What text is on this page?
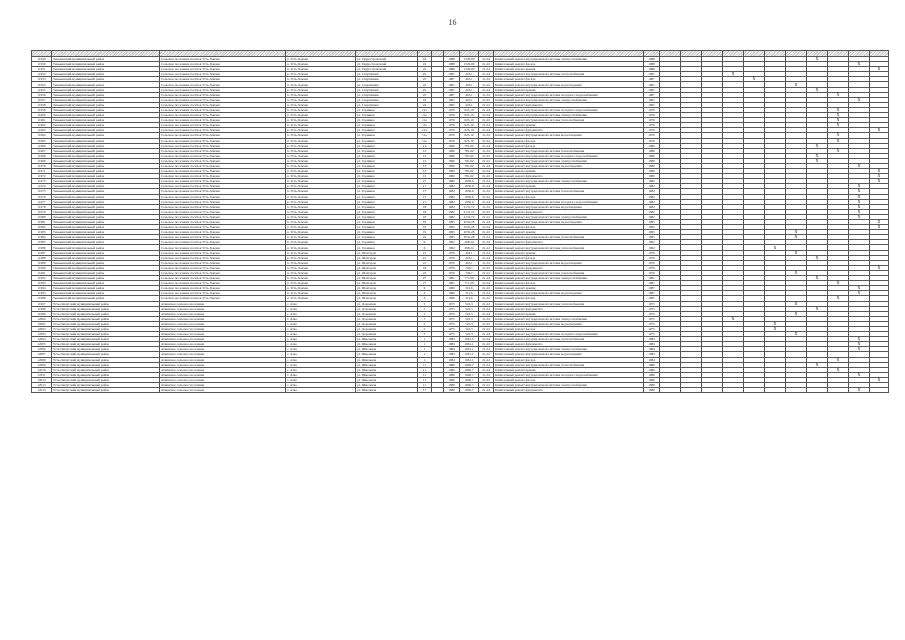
16

11949	Тенькинский муниципальный район	Сельское поселение посёлок Усть-Хакчан	п. Усть-Хакчан	ул. Гидростроителей	24		1988	1320,00	21,24	Капитальный ремонт внутридомовой системы электроснабжения	1988								X			
11950	Тенькинский муниципальный район	Сельское поселение посёлок Усть-Хакчан	п. Усть-Хакчан	ул. Гидростроителей	24		1988	1320,00	21,24	Капитальный ремонт фасада	1988										X	
11951	Тенькинский муниципальный район	Сельское поселение посёлок Усть-Хакчан	п. Усть-Хакчан	ул. Гидростроителей	24		1988	1320,00	21,24	Капитальный ремонт крыши	1988											X
11952	Тенькинский муниципальный район	Сельское поселение посёлок Усть-Хакчан	п. Усть-Хакчан	ул. Спортивная	22		1967	443,1	21,24	Капитальный ремонт внутридомовой системы теплоснабжения	1967				X							
11953	Тенькинский муниципальный район	Сельское поселение посёлок Усть-Хакчан	п. Усть-Хакчан	ул. Спортивная	22		1967	443,1	21,24	Капитальный ремонт фасада	1967					X						
11954	Тенькинский муниципальный район	Сельское поселение посёлок Усть-Хакчан	п. Усть-Хакчан	ул. Спортивная	22		1967	443,1	21,24	Капитальный ремонт внутридомовой системы водоотведения	1967							X				
11955	Тенькинский муниципальный район	Сельское поселение посёлок Усть-Хакчан	п. Усть-Хакчан	ул. Спортивная	22		1967	443,1	21,24	Капитальный ремонт крыши	1967								X			
11956	Тенькинский муниципальный район	Сельское поселение посёлок Усть-Хакчан	п. Усть-Хакчан	ул. Спортивная	22		1967	443,1	21,24	Капитальный ремонт внутридомовой системы холодного водоснабжения	1967									X		
11957	Тенькинский муниципальный район	Сельское поселение посёлок Усть-Хакчан	п. Усть-Хакчан	ул. Спортивная	22		1967	443,1	21,24	Капитальный ремонт внутридомовой системы электроснабжения	1967										X	
11958	Тенькинский муниципальный район	Сельское поселение посёлок Усть-Хакчан	п. Усть-Хакчан	ул. Спортивная	22		1967	443,1	21,24	Капитальный ремонт фундамента	1967											
11959	Тенькинский муниципальный район	Сельское поселение посёлок Усть-Хакчан	п. Усть-Хакчан	ул. Горняков	11а		1970	625,10	21,24	Капитальный ремонт внутридомовой системы холодного водоснабжения	1970									X		
11960	Тенькинский муниципальный район	Сельское поселение посёлок Усть-Хакчан	п. Усть-Хакчан	ул. Горняков	11а		1970	625,10	21,24	Капитальный ремонт внутридомовой системы электроснабжения	1970									X		
11961	Тенькинский муниципальный район	Сельское поселение посёлок Усть-Хакчан	п. Усть-Хакчан	ул. Горняков	11а		1970	625,10	21,24	Капитальный ремонт внутридомовой системы теплоснабжения	1970									X		
11962	Тенькинский муниципальный район	Сельское поселение посёлок Усть-Хакчан	п. Усть-Хакчан	ул. Горняков	11а		1970	625,10	21,24	Капитальный ремонт крыши	1970									X		
11963	Тенькинский муниципальный район	Сельское поселение посёлок Усть-Хакчан	п. Усть-Хакчан	ул. Горняков	11а		1970	625,10	21,24	Капитальный ремонт фундамента	1970											X
11964	Тенькинский муниципальный район	Сельское поселение посёлок Усть-Хакчан	п. Усть-Хакчан	ул. Горняков	11а		1970	625,10	21,24	Капитальный ремонт внутридомовой системы водоотведения	1970									X		
11965	Тенькинский муниципальный район	Сельское поселение посёлок Усть-Хакчан	п. Усть-Хакчан	ул. Горняков	11а		1970	625,10	21,24	Капитальный ремонт фасада	1970									X		
11966	Тенькинский муниципальный район	Сельское поселение посёлок Усть-Хакчан	п. Усть-Хакчан	ул. Горняков	13		1960	781,62	21,24	Капитальный ремонт фасада	1980								X			
11967	Тенькинский муниципальный район	Сельское поселение посёлок Усть-Хакчан	п. Усть-Хакчан	ул. Горняков	13		1960	781,62	21,24	Капитальный ремонт внутридомовой системы теплоснабжения	1980									X		
11968	Тенькинский муниципальный район	Сельское поселение посёлок Усть-Хакчан	п. Усть-Хакчан	ул. Горняков	13		1960	781,62	21,24	Капитальный ремонт внутридомовой системы холодного водоснабжения	1980								X			
11969	Тенькинский муниципальный район	Сельское поселение посёлок Усть-Хакчан	п. Усть-Хакчан	ул. Горняков	13		1960	781,62	21,24	Капитальный ремонт внутридомовой системы электроснабжения	1980								X			
11970	Тенькинский муниципальный район	Сельское поселение посёлок Усть-Хакчан	п. Усть-Хакчан	ул. Горняков	13		1960	781,62	21,24	Капитальный ремонт внутридомовой системы водоотведения	1980										X	
11971	Тенькинский муниципальный район	Сельское поселение посёлок Усть-Хакчан	п. Усть-Хакчан	ул. Горняков	13		1960	781,62	21,24	Капитальный ремонт крыши	1980											X
11972	Тенькинский муниципальный район	Сельское поселение посёлок Усть-Хакчан	п. Усть-Хакчан	ул. Горняков	13		1960	781,62	21,24	Капитальный ремонт фундамента	1980											X
11973	Тенькинский муниципальный район	Сельское поселение посёлок Усть-Хакчан	п. Усть-Хакчан	ул. Горняков	17		1982	1656,6	21,24	Капитальный ремонт внутридомовой системы электроснабжения	1982											X
11974	Тенькинский муниципальный район	Сельское поселение посёлок Усть-Хакчан	п. Усть-Хакчан	ул. Горняков	17		1982	1656,6	21,24	Капитальный ремонт крыши	1982										X	
11975	Тенькинский муниципальный район	Сельское поселение посёлок Усть-Хакчан	п. Усть-Хакчан	ул. Горняков	17		1982	1656,6	21,24	Капитальный ремонт внутридомовой системы теплоснабжения	1982										X	
11976	Тенькинский муниципальный район	Сельское поселение посёлок Усть-Хакчан	п. Усть-Хакчан	ул. Горняков	17		1982	1656,6	21,24	Капитальный ремонт фасада	1982										X	
11977	Тенькинский муниципальный район	Сельское поселение посёлок Усть-Хакчан	п. Усть-Хакчан	ул. Горняков	17		1982	1656,6	21,24	Капитальный ремонт внутридомовой системы холодного водоснабжения	1982										X	
11978	Тенькинский муниципальный район	Сельское поселение посёлок Усть-Хакчан	п. Усть-Хакчан	ул. Горняков	18		1982	2131,72	21,24	Капитальный ремонт внутридомовой системы водоотведения	1982										X	
11979	Тенькинский муниципальный район	Сельское поселение посёлок Усть-Хакчан	п. Усть-Хакчан	ул. Горняков	18		1982	2131,72	21,24	Капитальный ремонт фундамента	1982										X	
11980	Тенькинский муниципальный район	Сельское поселение посёлок Усть-Хакчан	п. Усть-Хакчан	ул. Горняков	18		1982	2131,72	21,24	Капитальный ремонт внутридомовой системы электроснабжения	1982										X	
11981	Тенькинский муниципальный район	Сельское поселение посёлок Усть-Хакчан	п. Усть-Хакчан	ул. Горняков	19		1995	2032,28	21,24	Капитальный ремонт внутридомовой системы водоотведения	1995											X
11982	Тенькинский муниципальный район	Сельское поселение посёлок Усть-Хакчан	п. Усть-Хакчан	ул. Горняков	19		1995	2032,28	21,24	Капитальный ремонт фасада	1995											X
11983	Тенькинский муниципальный район	Сельское поселение посёлок Усть-Хакчан	п. Усть-Хакчан	ул. Горняков	19		1995	2032,28	21,24	Капитальный ремонт крыши	1995							X				
11984	Тенькинский муниципальный район	Сельское поселение посёлок Усть-Хакчан	п. Усть-Хакчан	ул. Горняков	19		1995	2032,28	21,24	Капитальный ремонт внутридомовой системы теплоснабжения	1995							X				
11985	Тенькинский муниципальный район	Сельское поселение посёлок Усть-Хакчан	п. Усть-Хакчан	ул. Горняков	6		1962	298,24	21,24	Капитальный ремонт фундамента	1962											
11986	Тенькинский муниципальный район	Сельское поселение посёлок Усть-Хакчан	п. Усть-Хакчан	ул. Горняков	6		1962	298,24	21,24	Капитальный ремонт внутридомовой системы теплоснабжения	1962						X					
11987	Тенькинский муниципальный район	Сельское поселение посёлок Усть-Хакчан	п. Усть-Хакчан	ул. Шахтеров	21		1970	443,1	21,24	Капитальный ремонт крыши	1970							X				
11988	Тенькинский муниципальный район	Сельское поселение посёлок Усть-Хакчан	п. Усть-Хакчан	ул. Шахтеров	21		1970	443,1	21,24	Капитальный ремонт фасада	1970								X			
11989	Тенькинский муниципальный район	Сельское поселение посёлок Усть-Хакчан	п. Усть-Хакчан	ул. Шахтеров	21		1970	443,1	21,24	Капитальный ремонт внутридомовой системы водоотведения	1970											
11990	Тенькинский муниципальный район	Сельское поселение посёлок Усть-Хакчан	п. Усть-Хакчан	ул. Шахтеров	23		1979	746,7	21,24	Капитальный ремонт фундамента	1979											X
11991	Тенькинский муниципальный район	Сельское поселение посёлок Усть-Хакчан	п. Усть-Хакчан	ул. Шахтеров	23		1979	746,7	21,24	Капитальный ремонт внутридомовой системы теплоснабжения	1979							X				
11992	Тенькинский муниципальный район	Сельское поселение посёлок Усть-Хакчан	п. Усть-Хакчан	ул. Шахтеров	27		1981	771,90	21,24	Капитальный ремонт внутридомовой системы электроснабжения	1981								X			
11993	Тенькинский муниципальный район	Сельское поселение посёлок Усть-Хакчан	п. Усть-Хакчан	ул. Шахтеров	27		1981	771,90	21,24	Капитальный ремонт фасада	1981									X		
11994	Тенькинский муниципальный район	Сельское поселение посёлок Усть-Хакчан	п. Усть-Хакчан	ул. Шахтеров	6		1960	312,6	21,24	Капитальный ремонт крыши	1987										X	
11995	Тенькинский муниципальный район	Сельское поселение посёлок Усть-Хакчан	п. Усть-Хакчан	ул. Шахтеров	6		1960	312,6	21,24	Капитальный ремонт внутридомовой системы водоотведения	1987										X	
11996	Тенькинский муниципальный район	Сельское поселение посёлок Усть-Хакчан	п. Усть-Хакчан	ул. Шахтеров	6		1960	312,6	21,24	Капитальный ремонт фасада	1987									X		
11997	Усть-Омчугский муниципальный район	Аткинское сельское поселение	с. Аткa	ул. Дорожная	5		1975	522,3	21,24	Капитальный ремонт внутридомовой системы теплоснабжения	1975							X				
11998	Усть-Омчугский муниципальный район	Аткинское сельское поселение	с. Аткa	ул. Дорожная	5		1975	522,3	21,24	Капитальный ремонт фундамента	1975								X			
11999	Усть-Омчугский муниципальный район	Аткинское сельское поселение	с. Аткa	ул. Дорожная	5		1975	522,3	21,24	Капитальный ремонт крыши	1975							X				
12000	Усть-Омчугский муниципальный район	Аткинское сельское поселение	с. Аткa	ул. Дорожная	5		1975	522,3	21,24	Капитальный ремонт внутридомовой системы электроснабжения	1975				X							
12001	Усть-Омчугский муниципальный район	Аткинское сельское поселение	с. Аткa	ул. Дорожная	5		1975	522,3	21,24	Капитальный ремонт внутридомовой системы водоотведения	1975						X					
12002	Усть-Омчугский муниципальный район	Аткинское сельское поселение	с. Аткa	ул. Дорожная	5		1975	522,3	21,24	Капитальный ремонт фасада	1975						X					
12003	Усть-Омчугский муниципальный район	Аткинское сельское поселение	с. Аткa	ул. Дорожная	5		1975	522,3	21,24	Капитальный ремонт внутридомовой системы холодного водоснабжения	1975							X				
12004	Усть-Омчугский муниципальный район	Аткинское сельское поселение	с. Аткa	ул. Школьная	1		1984	1661,1	21,24	Капитальный ремонт внутридомовой системы теплоснабжения	1984										X	
12005	Усть-Омчугский муниципальный район	Аткинское сельское поселение	с. Аткa	ул. Школьная	1		1984	1661,1	21,24	Капитальный ремонт фундамента	1984										X	
12006	Усть-Омчугский муниципальный район	Аткинское сельское поселение	с. Аткa	ул. Школьная	1		1984	1661,1	21,24	Капитальный ремонт внутридомовой системы электроснабжения	1984										X	
12007	Усть-Омчугский муниципальный район	Аткинское сельское поселение	с. Аткa	ул. Школьная	1		1984	1661,1	21,24	Капитальный ремонт внутридомовой системы водоотведения	1984											
12008	Усть-Омчугский муниципальный район	Аткинское сельское поселение	с. Аткa	ул. Школьная	1		1984	1661,1	21,24	Капитальный ремонт фасада	1984									X		
12009	Усть-Омчугский муниципальный район	Аткинское сельское поселение	с. Аткa	ул. Школьная	11		1980	1606,7	21,24	Капитальный ремонт внутридомовой системы теплоснабжения	1980								X			
12010	Усть-Омчугский муниципальный район	Аткинское сельское поселение	с. Аткa	ул. Школьная	11		1980	1606,7	21,24	Капитальный ремонт крыши	1980									X		
12011	Усть-Омчугский муниципальный район	Аткинское сельское поселение	с. Аткa	ул. Школьная	11		1980	1606,7	21,24	Капитальный ремонт внутридомовой системы холодного водоснабжения	1980										X	
12012	Усть-Омчугский муниципальный район	Аткинское сельское поселение	с. Аткa	ул. Школьная	11		1980	1606,7	21,24	Капитальный ремонт фасада	1980											X
12013	Усть-Омчугский муниципальный район	Аткинское сельское поселение	с. Аткa	ул. Школьная	11		1980	1606,7	21,24	Капитальный ремонт внутридомовой системы электроснабжения	1980											
12014	Усть-Омчугский муниципальный район	Аткинское сельское поселение	с. Аткa	ул. Школьная	11		1980	1606,7	21,24	Капитальный ремонт фундамента	1980										X	
